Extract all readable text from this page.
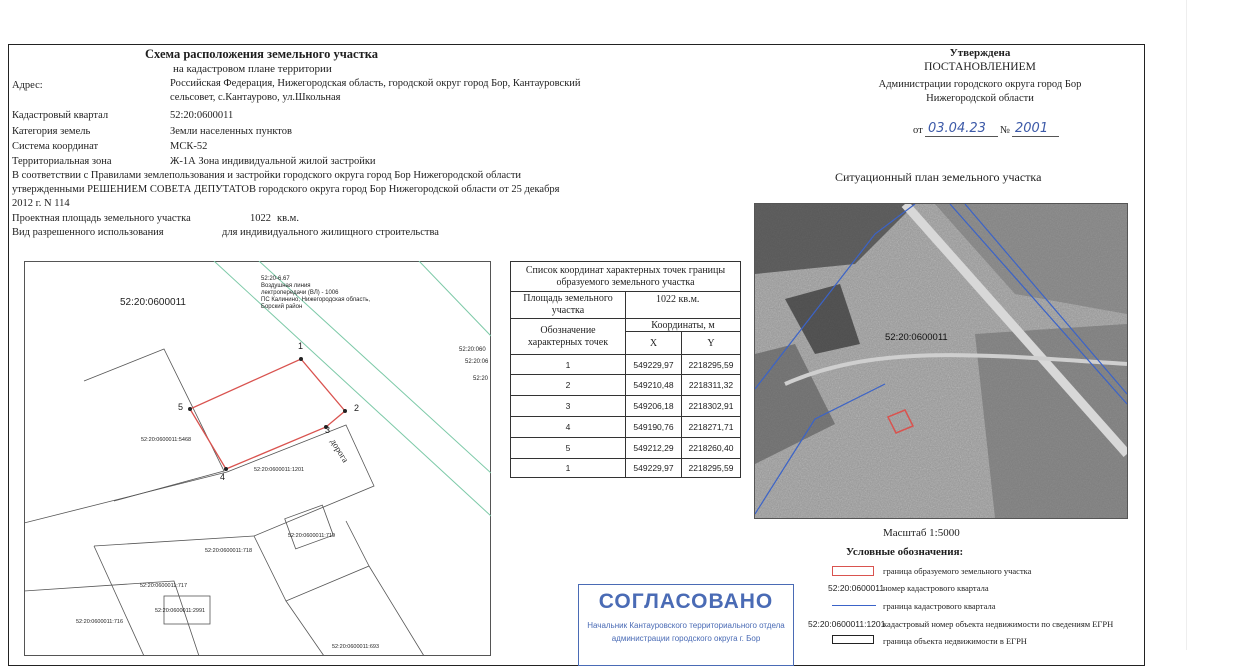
Схема расположения земельного участка
на кадастровом плане территории
Адрес:	Российская Федерация, Нижегородская область, городской округ город Бор, Кантауровский
сельсовет, с.Кантаурово, ул.Школьная
Кадастровый квартал	52:20:0600011
Категория земель	Земли населенных пунктов
Система координат	МСК-52
Территориальная зона	Ж-1А Зона индивидуальной жилой застройки
В соответствии с Правилами землепользования и застройки городского округа город Бор Нижегородской области
утвержденными РЕШЕНИЕМ СОВЕТА ДЕПУТАТОВ городского округа город Бор Нижегородской области от 25 декабря
2012 г. N 114
Проектная площадь земельного участка	1022 кв.м.
Вид разрешенного использования	для индивидуального жилищного строительства
Утверждена
ПОСТАНОВЛЕНИЕМ
Администрации городского округа город Бор
Нижегородской области
от 03.04.23 № 2001
52:20:0600011
52:20-6.67
Воздушная линия
лектропередачи (ВЛ) - 1006
ПС Калинино, Нижегородская область,
Борский район
52:20:060
52:20:06
52:20
дорога
52:20:0600011:5468
52:20:0600011:1201
52:20:0600011:719
52:20:0600011:718
52:20:0600011:717
52:20:0600011:2991
52:20:0600011:716
52:20:0600011:693
1
2
3
4
5
Список координат характерных точек границы
образуемого земельного участка		

Площадь земельного
участка	1022 кв.м.	

Обозначение
характерных точек	Координаты, м	
	X	Y
1	549229,97	2218295,59
2	549210,48	2218311,32
3	549206,18	2218302,91
4	549190,76	2218271,71
5	549212,29	2218260,40
1	549229,97	2218295,59
Ситуационный план земельного участка
52:20:0600011
Масштаб 1:5000
Условные обозначения:
граница образуемого земельного участка
52:20:0600011
номер кадастрового квартала
граница кадастрового квартала
52:20:0600011:1201
кадастровый номер объекта недвижимости по сведениям ЕГРН
граница объекта недвижимости в ЕГРН
СОГЛАСОВАНО
Начальник Кантауровского территориального отдела
администрации городского округа г. Бор
